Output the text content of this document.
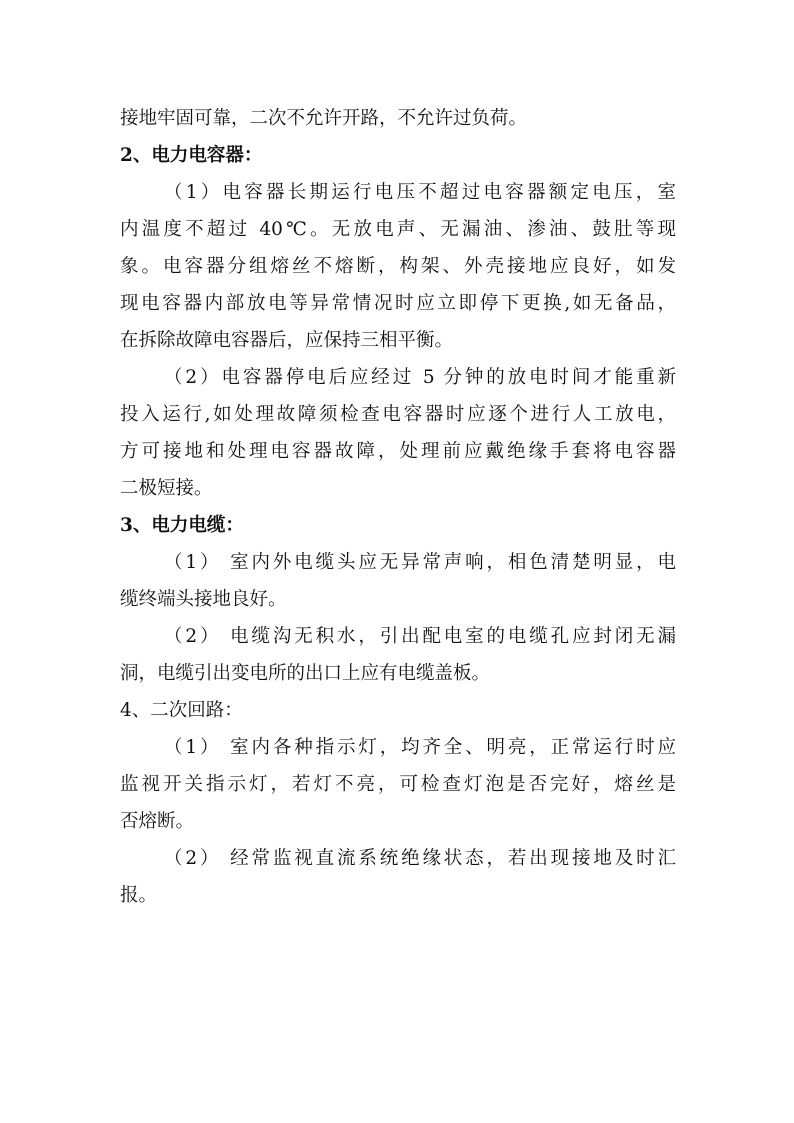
接地牢固可靠，二次不允许开路，不允许过负荷。
2、电力电容器：
（1）电容器长期运行电压不超过电容器额定电压，室
内温度不超过 40℃。无放电声、无漏油、渗油、鼓肚等现
象。电容器分组熔丝不熔断，构架、外壳接地应良好，如发
现电容器内部放电等异常情况时应立即停下更换,如无备品，
在拆除故障电容器后，应保持三相平衡。
（2）电容器停电后应经过 5 分钟的放电时间才能重新
投入运行,如处理故障须检查电容器时应逐个进行人工放电，
方可接地和处理电容器故障，处理前应戴绝缘手套将电容器
二极短接。
3、电力电缆：
（1） 室内外电缆头应无异常声响，相色清楚明显，电
缆终端头接地良好。
（2） 电缆沟无积水，引出配电室的电缆孔应封闭无漏
洞，电缆引出变电所的出口上应有电缆盖板。
4、二次回路：
（1） 室内各种指示灯，均齐全、明亮，正常运行时应
监视开关指示灯，若灯不亮，可检查灯泡是否完好，熔丝是
否熔断。
（2） 经常监视直流系统绝缘状态，若出现接地及时汇
报。
